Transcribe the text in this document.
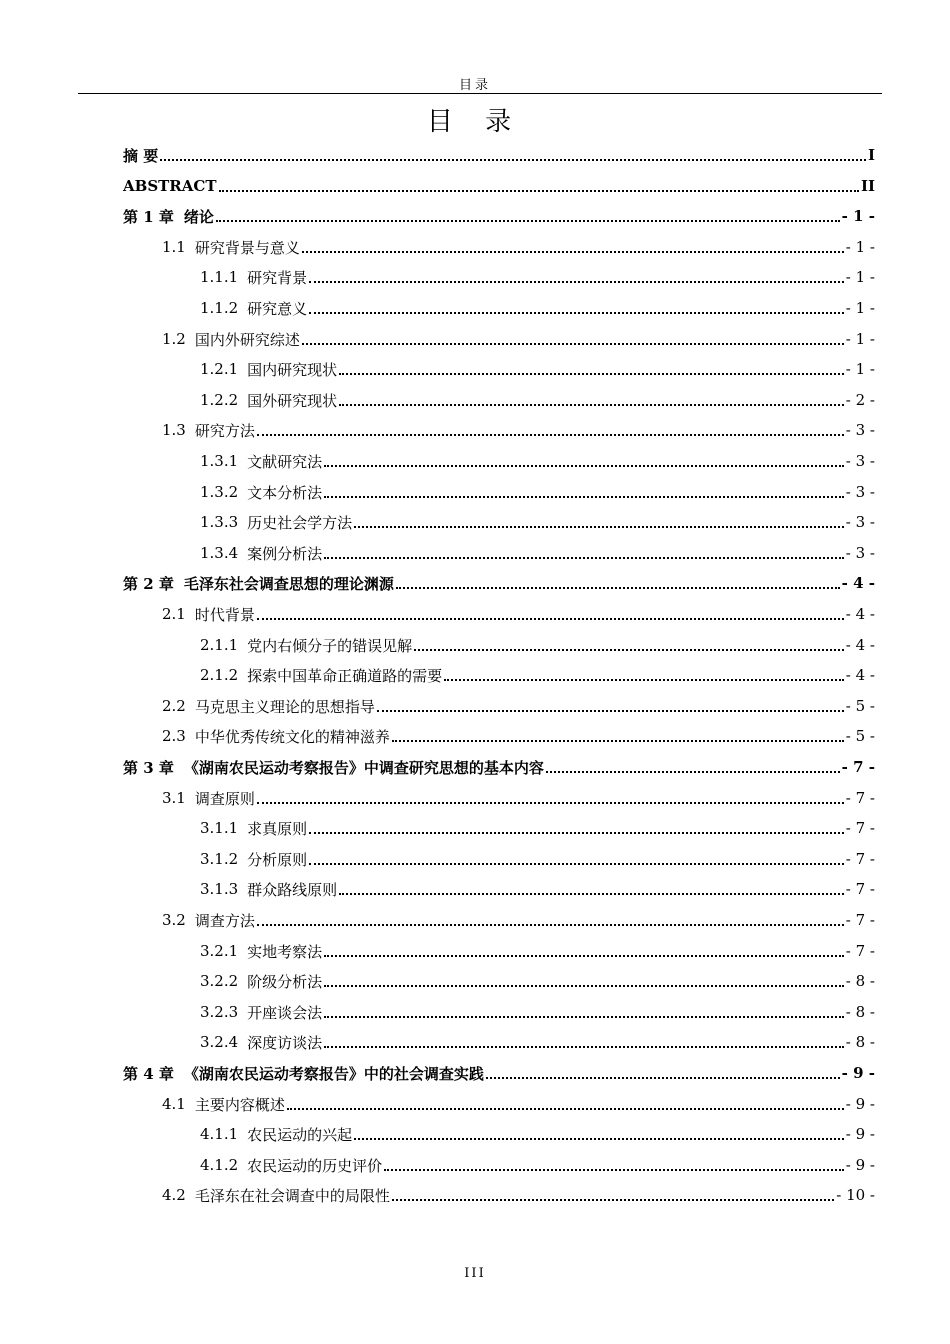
目录
目 录
摘 要	I
ABSTRACT	II
第 1 章 绪论	- 1 -
1.1 研究背景与意义	- 1 -
1.1.1 研究背景	- 1 -
1.1.2 研究意义	- 1 -
1.2 国内外研究综述	- 1 -
1.2.1 国内研究现状	- 1 -
1.2.2 国外研究现状	- 2 -
1.3 研究方法	- 3 -
1.3.1 文献研究法	- 3 -
1.3.2 文本分析法	- 3 -
1.3.3 历史社会学方法	- 3 -
1.3.4 案例分析法	- 3 -
第 2 章 毛泽东社会调查思想的理论渊源	- 4 -
2.1 时代背景	- 4 -
2.1.1 党内右倾分子的错误见解	- 4 -
2.1.2 探索中国革命正确道路的需要	- 4 -
2.2 马克思主义理论的思想指导	- 5 -
2.3 中华优秀传统文化的精神滋养	- 5 -
第 3 章 《湖南农民运动考察报告》中调查研究思想的基本内容	- 7 -
3.1 调查原则	- 7 -
3.1.1 求真原则	- 7 -
3.1.2 分析原则	- 7 -
3.1.3 群众路线原则	- 7 -
3.2 调查方法	- 7 -
3.2.1 实地考察法	- 7 -
3.2.2 阶级分析法	- 8 -
3.2.3 开座谈会法	- 8 -
3.2.4 深度访谈法	- 8 -
第 4 章 《湖南农民运动考察报告》中的社会调查实践	- 9 -
4.1 主要内容概述	- 9 -
4.1.1 农民运动的兴起	- 9 -
4.1.2 农民运动的历史评价	- 9 -
4.2 毛泽东在社会调查中的局限性	- 10 -
III
